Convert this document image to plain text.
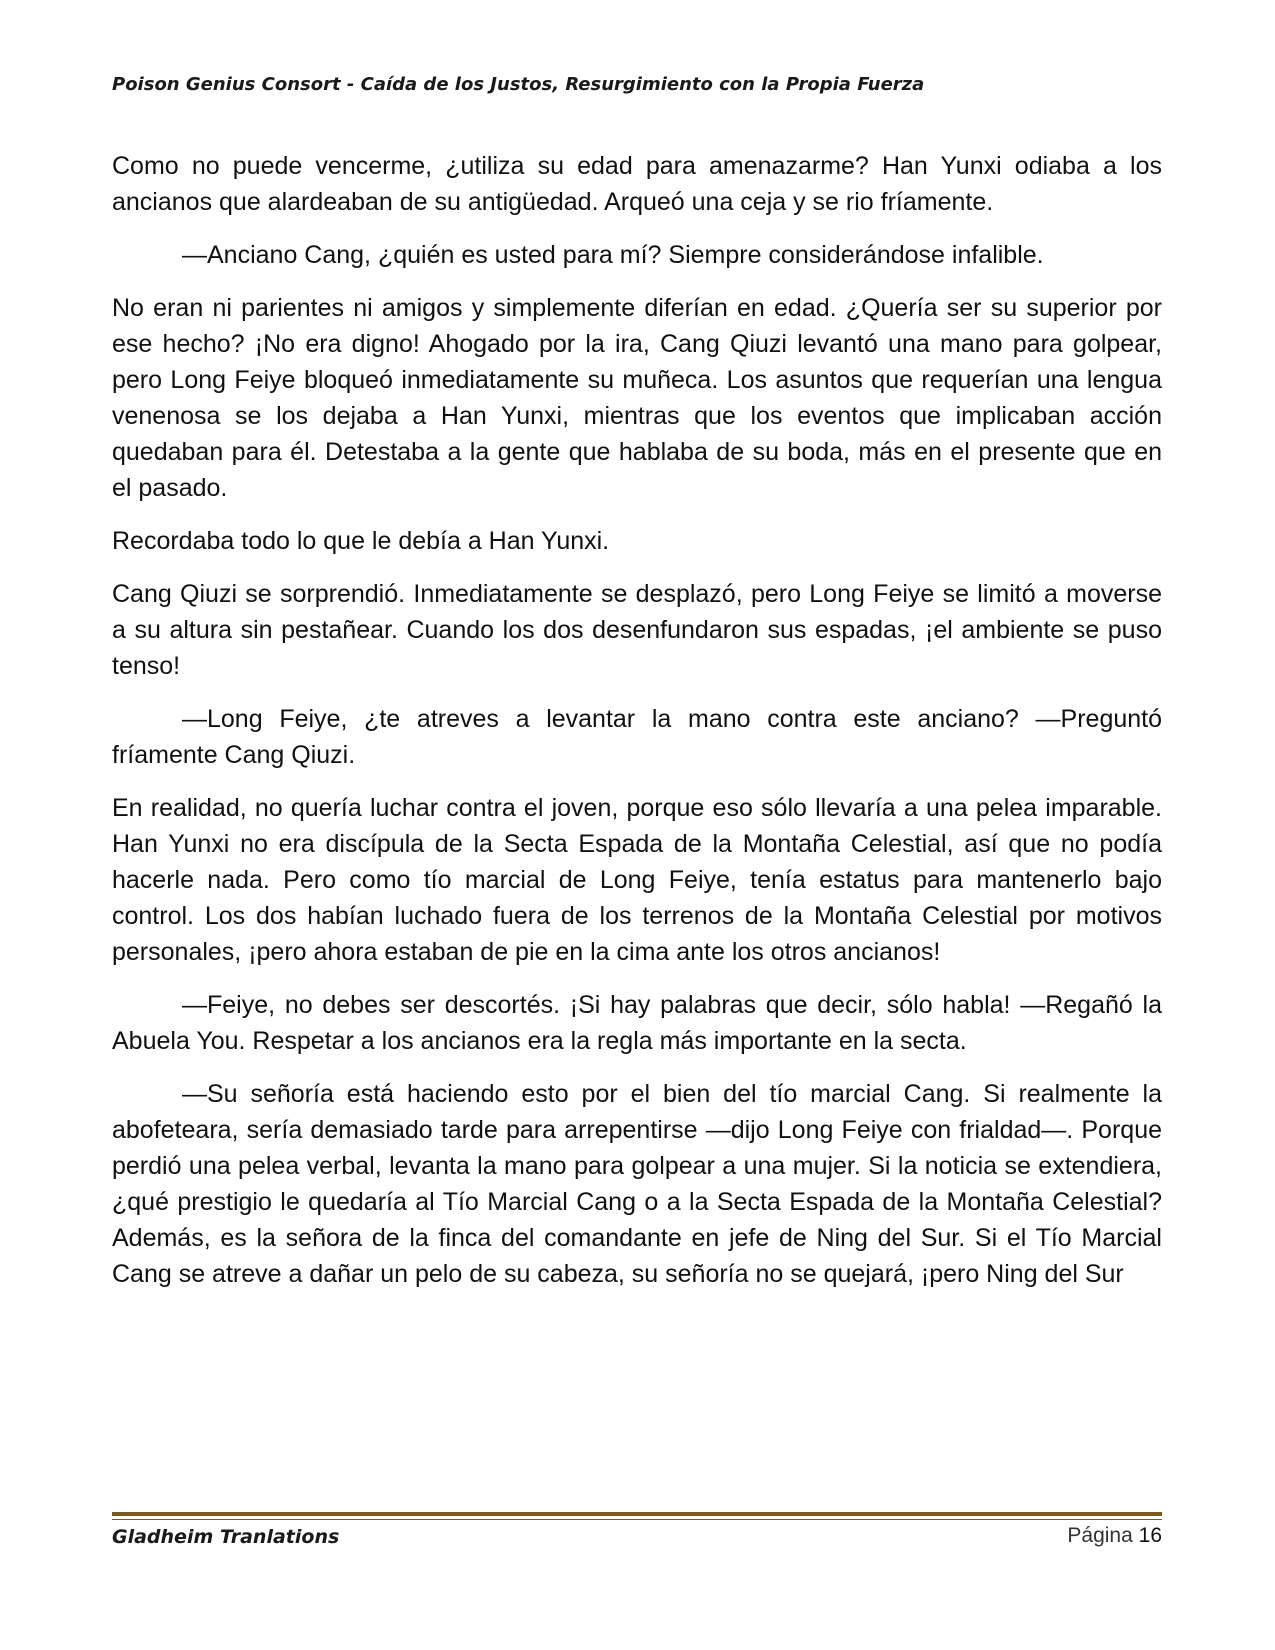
Poison Genius Consort - Caída de los Justos, Resurgimiento con la Propia Fuerza

Como no puede vencerme, ¿utiliza su edad para amenazarme? Han Yunxi odiaba a los ancianos que alardeaban de su antigüedad. Arqueó una ceja y se rio fríamente.

—Anciano Cang, ¿quién es usted para mí? Siempre considerándose infalible.

No eran ni parientes ni amigos y simplemente diferían en edad. ¿Quería ser su superior por ese hecho? ¡No era digno! Ahogado por la ira, Cang Qiuzi levantó una mano para golpear, pero Long Feiye bloqueó inmediatamente su muñeca. Los asuntos que requerían una lengua venenosa se los dejaba a Han Yunxi, mientras que los eventos que implicaban acción quedaban para él. Detestaba a la gente que hablaba de su boda, más en el presente que en el pasado.

Recordaba todo lo que le debía a Han Yunxi.

Cang Qiuzi se sorprendió. Inmediatamente se desplazó, pero Long Feiye se limitó a moverse a su altura sin pestañear. Cuando los dos desenfundaron sus espadas, ¡el ambiente se puso tenso!

—Long Feiye, ¿te atreves a levantar la mano contra este anciano? —Preguntó fríamente Cang Qiuzi.

En realidad, no quería luchar contra el joven, porque eso sólo llevaría a una pelea imparable. Han Yunxi no era discípula de la Secta Espada de la Montaña Celestial, así que no podía hacerle nada. Pero como tío marcial de Long Feiye, tenía estatus para mantenerlo bajo control. Los dos habían luchado fuera de los terrenos de la Montaña Celestial por motivos personales, ¡pero ahora estaban de pie en la cima ante los otros ancianos!

—Feiye, no debes ser descortés. ¡Si hay palabras que decir, sólo habla! —Regañó la Abuela You. Respetar a los ancianos era la regla más importante en la secta.

—Su señoría está haciendo esto por el bien del tío marcial Cang. Si realmente la abofeteara, sería demasiado tarde para arrepentirse —dijo Long Feiye con frialdad—. Porque perdió una pelea verbal, levanta la mano para golpear a una mujer. Si la noticia se extendiera, ¿qué prestigio le quedaría al Tío Marcial Cang o a la Secta Espada de la Montaña Celestial? Además, es la señora de la finca del comandante en jefe de Ning del Sur. Si el Tío Marcial Cang se atreve a dañar un pelo de su cabeza, su señoría no se quejará, ¡pero Ning del Sur

Gladheim Tranlations	Página 16
